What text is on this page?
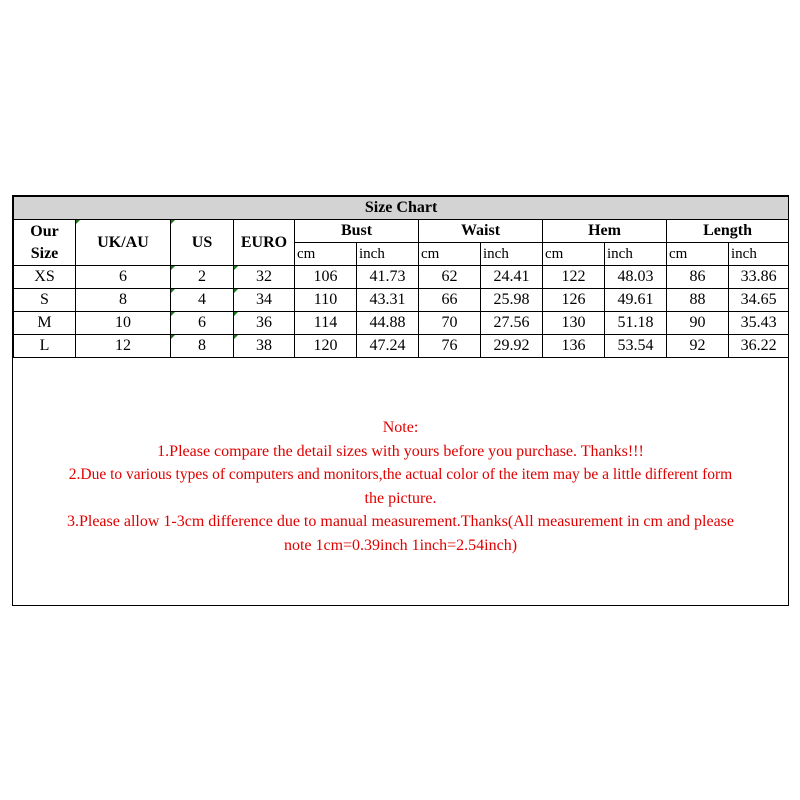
Size Chart											

Our
Size	UK/AU	US	EURO	Bust		Waist		Hem		Length	
				cm	inch	cm	inch	cm	inch	cm	inch
XS	6	2	32	106	41.73	62	24.41	122	48.03	86	33.86
S	8	4	34	110	43.31	66	25.98	126	49.61	88	34.65
M	10	6	36	114	44.88	70	27.56	130	51.18	90	35.43
L	12	8	38	120	47.24	76	29.92	136	53.54	92	36.22
Note:
1.Please compare the detail sizes with yours before you purchase. Thanks!!!
2.Due to various types of computers and monitors,the actual color of the item may be a little different form
the picture.
3.Please allow 1-3cm difference due to manual measurement.Thanks(All measurement in cm and please
note 1cm=0.39inch 1inch=2.54inch)
